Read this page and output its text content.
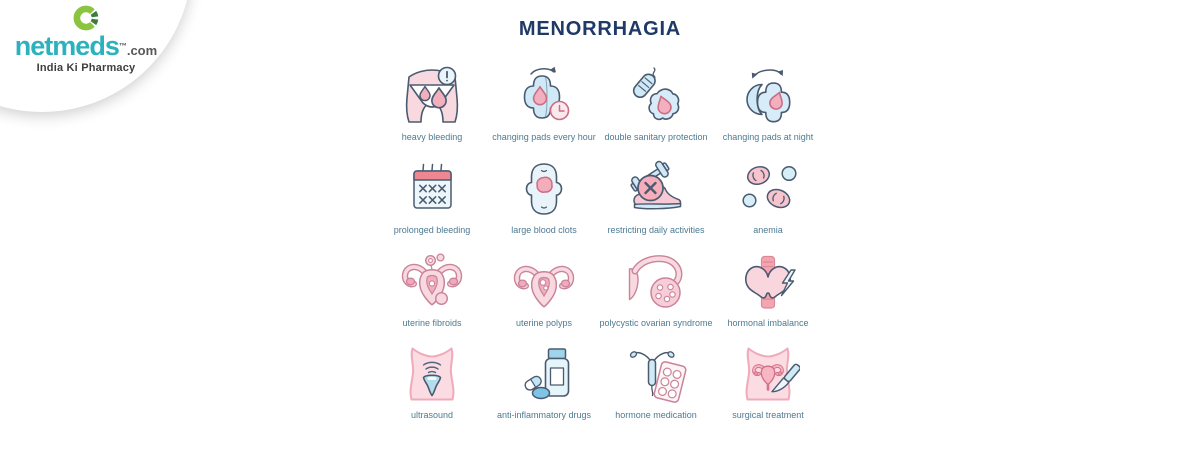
netmeds™.com
India Ki Pharmacy
MENORRHAGIA
heavy bleeding	changing pads every hour double sanitary protection changing pads at night
prolonged bleeding	large blood clots	restricting daily activities	anemia
uterine fibroids	uterine polyps	polycystic ovarian syndrome hormonal imbalance
ultrasound	anti-inflammatory drugs	hormone medication	surgical treatment
